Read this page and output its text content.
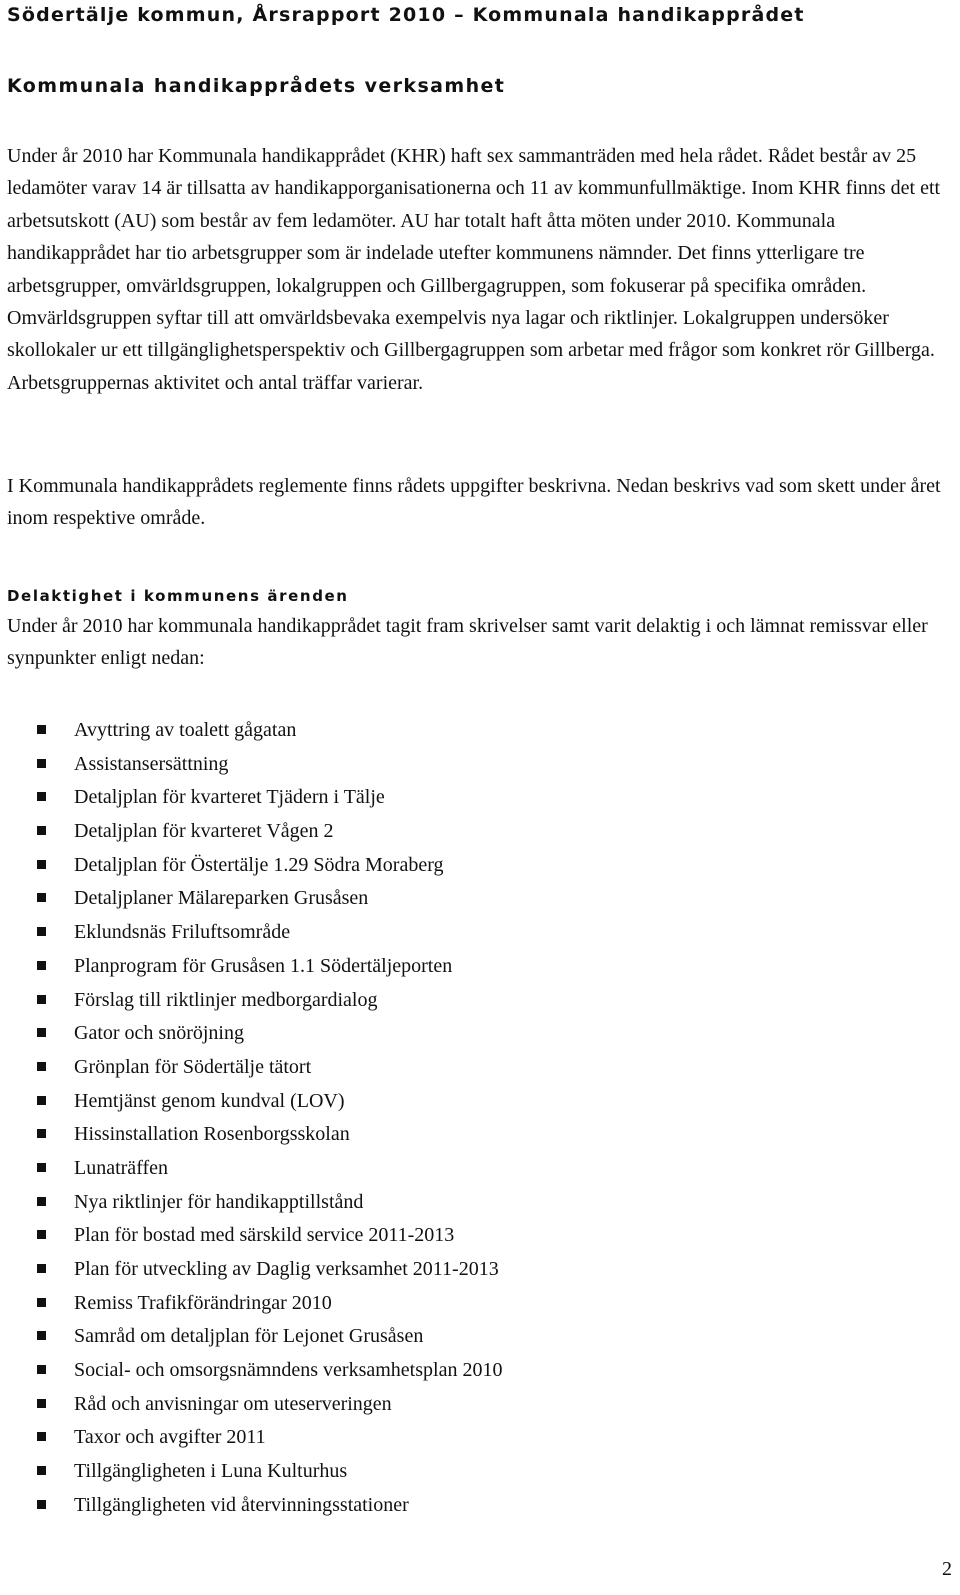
Södertälje kommun, Årsrapport 2010 – Kommunala handikapprådet
Kommunala handikapprådets verksamhet

Under år 2010 har Kommunala handikapprådet (KHR) haft sex sammanträden med hela rådet. Rådet består av 25 ledamöter varav 14 är tillsatta av handikapporganisationerna och 11 av kommunfullmäktige. Inom KHR finns det ett arbetsutskott (AU) som består av fem ledamöter. AU har totalt haft åtta möten under 2010. Kommunala handikapprådet har tio arbetsgrupper som är indelade utefter kommunens nämnder. Det finns ytterligare tre arbetsgrupper, omvärldsgruppen, lokalgruppen och Gillbergagruppen, som fokuserar på specifika områden. Omvärldsgruppen syftar till att omvärldsbevaka exempelvis nya lagar och riktlinjer. Lokalgruppen undersöker skollokaler ur ett tillgänglighetsperspektiv och Gillbergagruppen som arbetar med frågor som konkret rör Gillberga. Arbetsgruppernas aktivitet och antal träffar varierar.

I Kommunala handikapprådets reglemente finns rådets uppgifter beskrivna. Nedan beskrivs vad som skett under året inom respektive område.

Delaktighet i kommunens ärenden

Under år 2010 har kommunala handikapprådet tagit fram skrivelser samt varit delaktig i och lämnat remissvar eller synpunkter enligt nedan:

Avyttring av toalett gågatan
Assistansersättning
Detaljplan för kvarteret Tjädern i Tälje
Detaljplan för kvarteret Vågen 2
Detaljplan för Östertälje 1.29 Södra Moraberg
Detaljplaner Mälareparken Grusåsen
Eklundsnäs Friluftsområde
Planprogram för Grusåsen 1.1 Södertäljeporten
Förslag till riktlinjer medborgardialog
Gator och snöröjning
Grönplan för Södertälje tätort
Hemtjänst genom kundval (LOV)
Hissinstallation Rosenborgsskolan
Lunaträffen
Nya riktlinjer för handikapptillstånd
Plan för bostad med särskild service 2011-2013
Plan för utveckling av Daglig verksamhet 2011-2013
Remiss Trafikförändringar 2010
Samråd om detaljplan för Lejonet Grusåsen
Social- och omsorgsnämndens verksamhetsplan 2010
Råd och anvisningar om uteserveringen
Taxor och avgifter 2011
Tillgängligheten i Luna Kulturhus
Tillgängligheten vid återvinningsstationer
2
